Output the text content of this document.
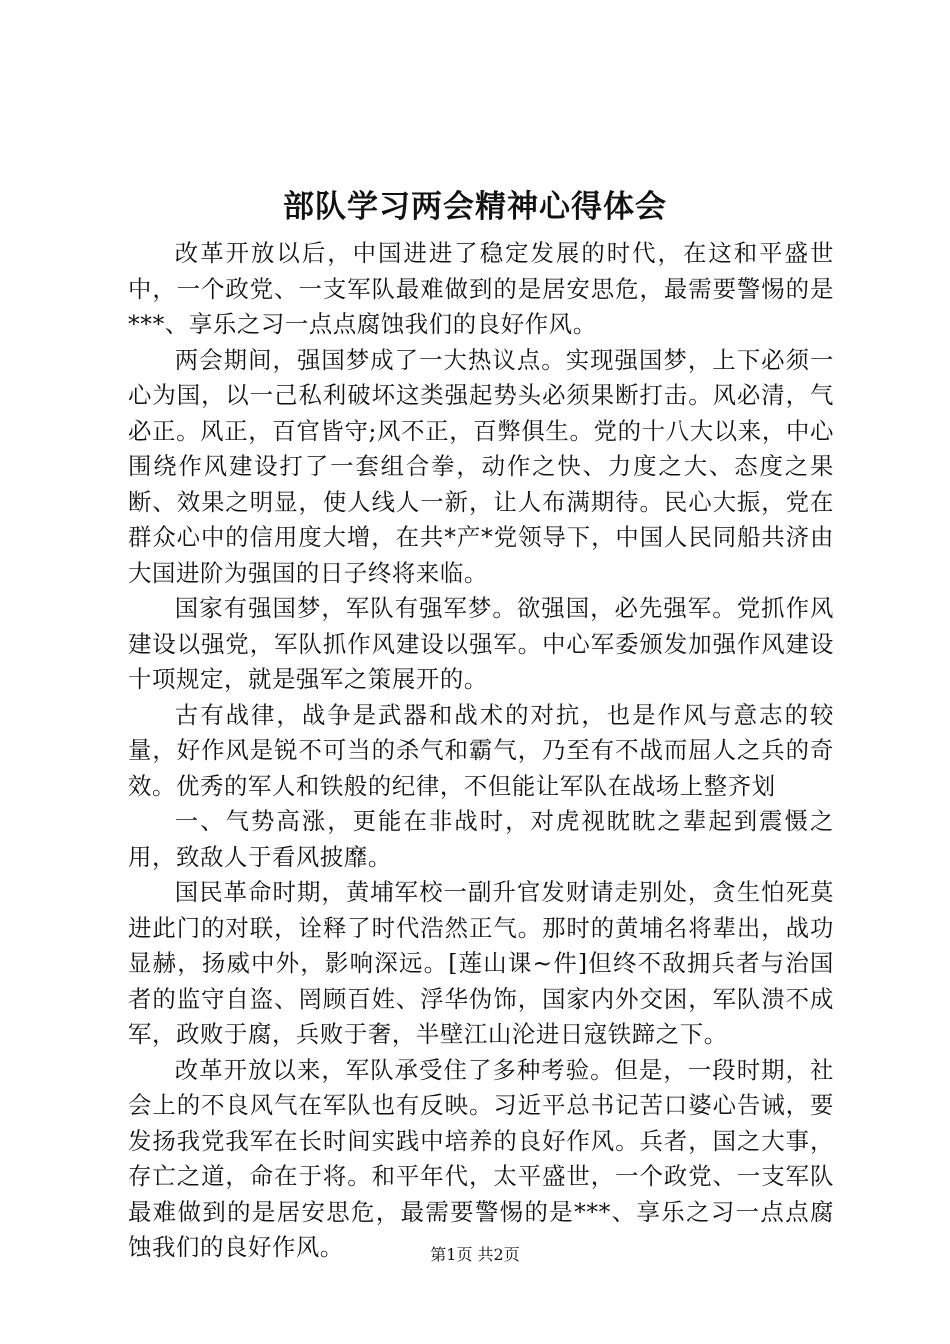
部队学习两会精神心得体会

改革开放以后，中国进进了稳定发展的时代，在这和平盛世中，一个政党、一支军队最难做到的是居安思危，最需要警惕的是***、享乐之习一点点腐蚀我们的良好作风。

两会期间，强国梦成了一大热议点。实现强国梦，上下必须一心为国，以一己私利破坏这类强起势头必须果断打击。风必清，气必正。风正，百官皆守;风不正，百弊俱生。党的十八大以来，中心围绕作风建设打了一套组合拳，动作之快、力度之大、态度之果断、效果之明显，使人线人一新，让人布满期待。民心大振，党在群众心中的信用度大增，在共*产*党领导下，中国人民同船共济由大国进阶为强国的日子终将来临。

国家有强国梦，军队有强军梦。欲强国，必先强军。党抓作风建设以强党，军队抓作风建设以强军。中心军委颁发加强作风建设十项规定，就是强军之策展开的。

古有战律，战争是武器和战术的对抗，也是作风与意志的较量，好作风是锐不可当的杀气和霸气，乃至有不战而屈人之兵的奇效。优秀的军人和铁般的纪律，不但能让军队在战场上整齐划

一、气势高涨，更能在非战时，对虎视眈眈之辈起到震慑之用，致敌人于看风披靡。

国民革命时期，黄埔军校一副升官发财请走别处，贪生怕死莫进此门的对联，诠释了时代浩然正气。那时的黄埔名将辈出，战功显赫，扬威中外，影响深远。[莲山课~件]但终不敌拥兵者与治国者的监守自盗、罔顾百姓、浮华伪饰，国家内外交困，军队溃不成军，政败于腐，兵败于奢，半壁江山沦进日寇铁蹄之下。

改革开放以来，军队承受住了多种考验。但是，一段时期，社会上的不良风气在军队也有反映。习近平总书记苦口婆心告诫，要发扬我党我军在长时间实践中培养的良好作风。兵者，国之大事，存亡之道，命在于将。和平年代，太平盛世，一个政党、一支军队最难做到的是居安思危，最需要警惕的是***、享乐之习一点点腐蚀我们的良好作风。	第1页 共2页
